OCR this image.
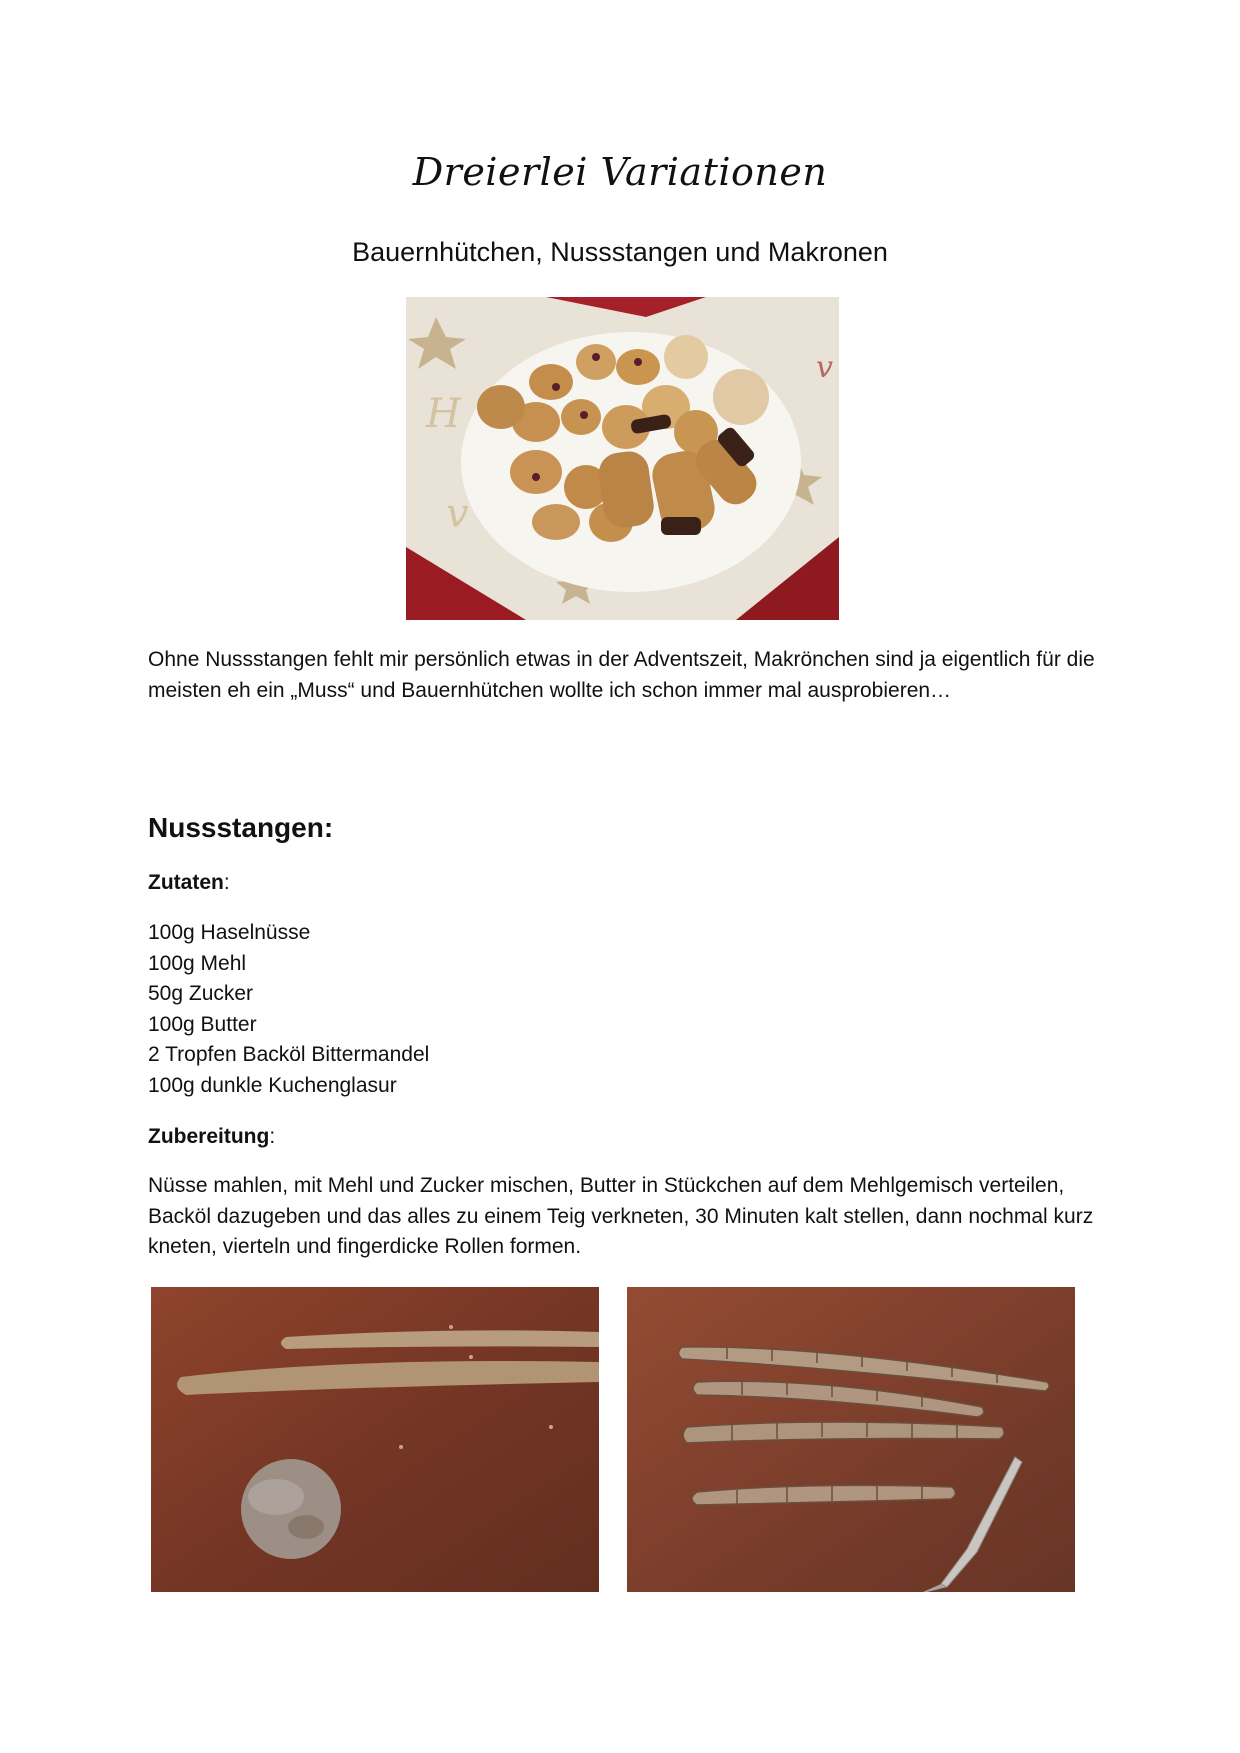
Dreierlei Variationen
Bauernhütchen, Nussstangen und Makronen
H
v
v

Ohne Nussstangen fehlt mir persönlich etwas in der Adventszeit, Makrönchen sind ja eigentlich für die meisten eh ein „Muss“ und Bauernhütchen wollte ich schon immer mal ausprobieren…

Nussstangen:
Zutaten:
100g Haselnüsse
100g Mehl
50g Zucker
100g Butter
2 Tropfen Backöl Bittermandel
100g dunkle Kuchenglasur
Zubereitung:

Nüsse mahlen, mit Mehl und Zucker mischen, Butter in Stückchen auf dem Mehlgemisch verteilen, Backöl dazugeben und das alles zu einem Teig verkneten, 30 Minuten kalt stellen, dann nochmal kurz kneten, vierteln und fingerdicke Rollen formen.
